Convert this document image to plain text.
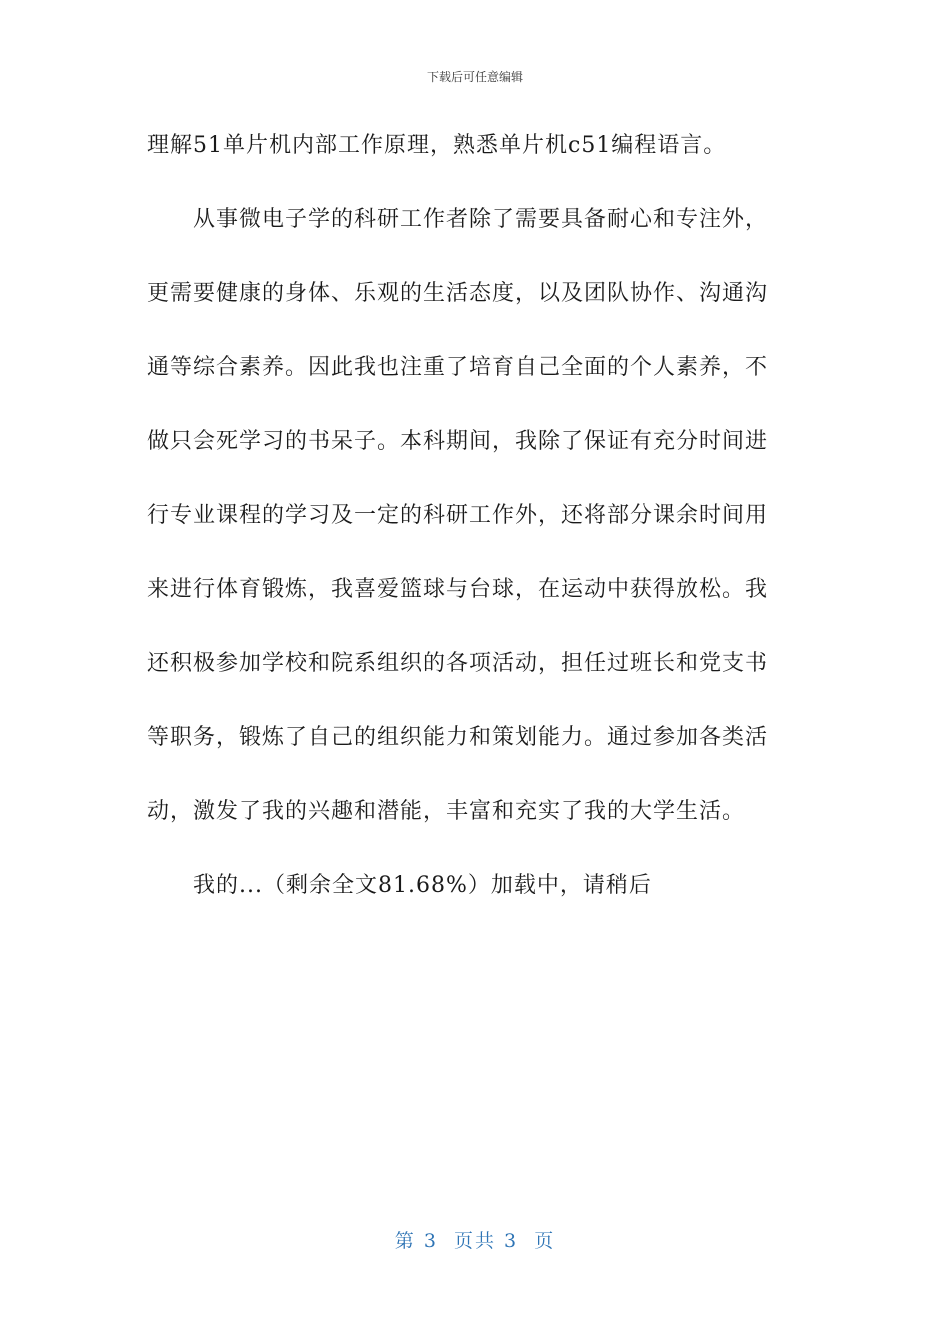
下载后可任意编辑
理解51单片机内部工作原理，熟悉单片机c51编程语言。
从事微电子学的科研工作者除了需要具备耐心和专注外，
更需要健康的身体、乐观的生活态度，以及团队协作、沟通沟
通等综合素养。因此我也注重了培育自己全面的个人素养，不
做只会死学习的书呆子。本科期间，我除了保证有充分时间进
行专业课程的学习及一定的科研工作外，还将部分课余时间用
来进行体育锻炼，我喜爱篮球与台球，在运动中获得放松。我
还积极参加学校和院系组织的各项活动，担任过班长和党支书
等职务，锻炼了自己的组织能力和策划能力。通过参加各类活
动，激发了我的兴趣和潜能，丰富和充实了我的大学生活。
我的...（剩余全文81.68%）加载中，请稍后
第 3  页共 3  页
